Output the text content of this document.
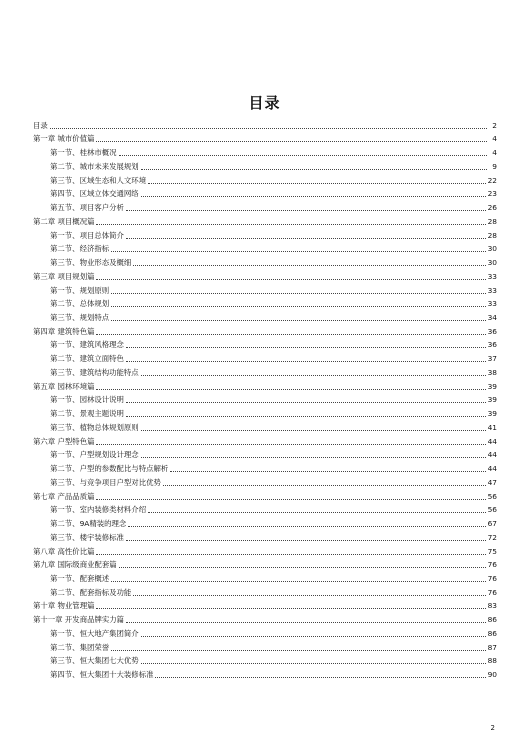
目录
目录	2
第一章 城市价值篇	4
第一节、桂林市概况	4
第二节、城市未来发展规划	9
第三节、区域生态和人文环境	22
第四节、区域立体交通网络	23
第五节、项目客户分析	26
第二章 项目概况篇	28
第一节、项目总体简介	28
第二节、经济指标	30
第三节、物业形态及概细	30
第三章 项目规划篇	33
第一节、规划原则	33
第二节、总体规划	33
第三节、规划特点	34
第四章 建筑特色篇	36
第一节、建筑风格理念	36
第二节、建筑立面特色	37
第三节、建筑结构功能特点	38
第五章 园林环境篇	39
第一节、园林设计说明	39
第二节、景观主题说明	39
第三节、植物总体规划原则	41
第六章 户型特色篇	44
第一节、户型规划设计理念	44
第二节、户型的参数配比与特点解析	44
第三节、与竞争项目户型对比优势	47
第七章 产品品质篇	56
第一节、室内装修类材料介绍	56
第二节、9A精装的理念	67
第三节、楼宇装修标准	72
第八章 高性价比篇	75
第九章 国际级商业配套篇	76
第一节、配套概述	76
第二节、配套指标及功能	76
第十章 物业管理篇	83
第十一章 开发商品牌实力篇	86
第一节、恒大地产集团简介	86
第二节、集团荣誉	87
第三节、恒大集团七大优势	88
第四节、恒大集团十大装修标准	90
2
